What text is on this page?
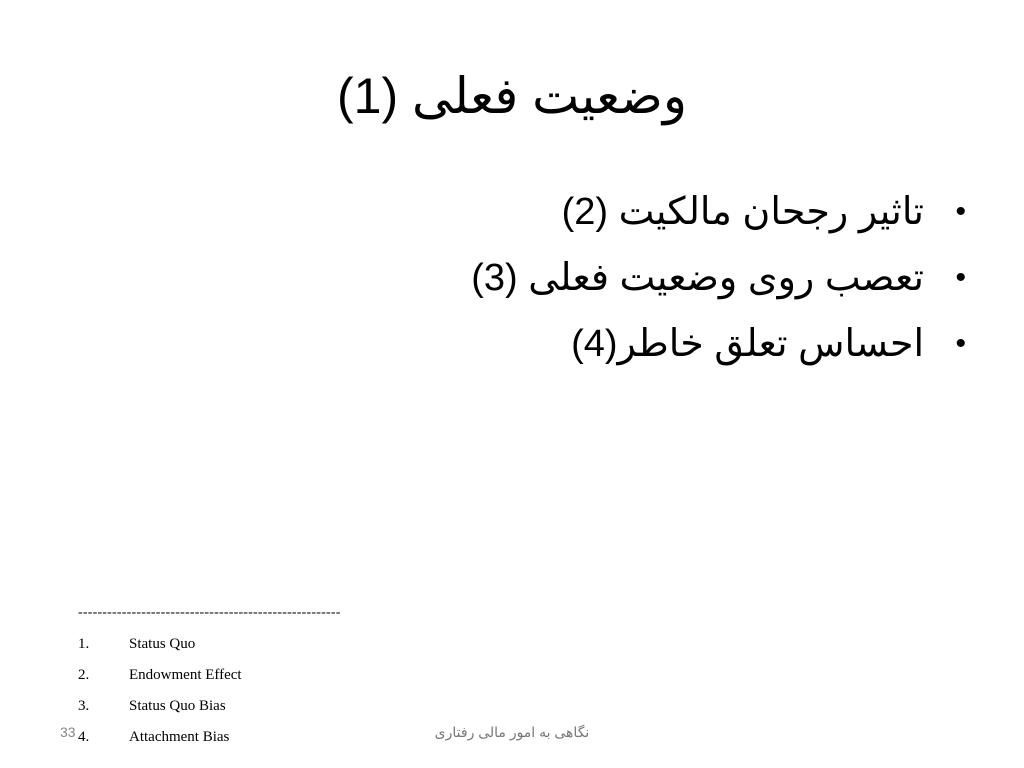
وضعیت فعلی (1)
•
تاثیر رجحان مالکیت (2)
•
تعصب روی وضعیت فعلی (3)
•
احساس تعلق خاطر(4)
------------------------------------------------------
1.	Status Quo
2.	Endowment Effect
3.	Status Quo Bias
4.	Attachment Bias
33	نگاهی به امور مالی رفتاری
